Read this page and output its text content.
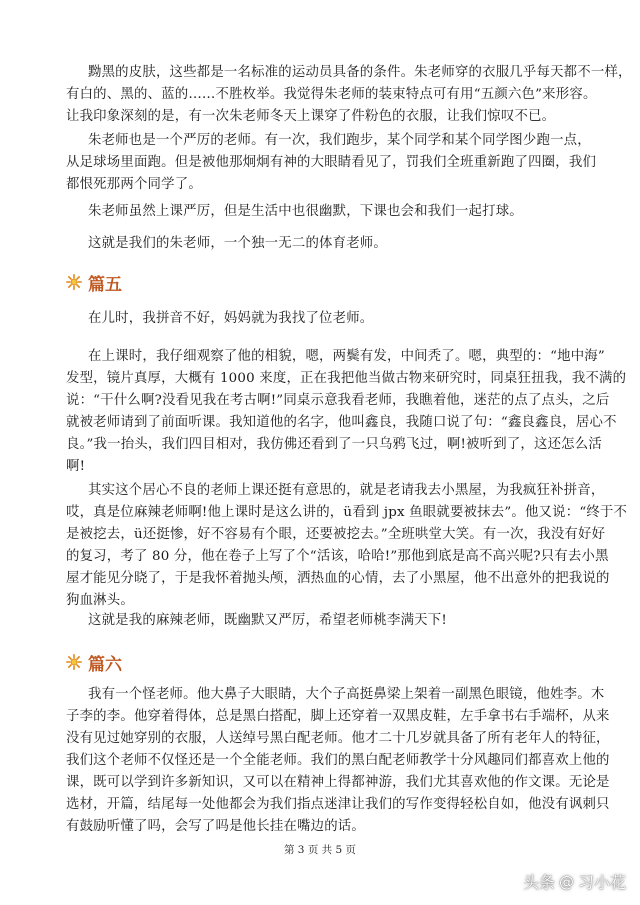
黝黑的皮肤，这些都是一名标准的运动员具备的条件。朱老师穿的衣服几乎每天都不一样，
有白的、黑的、蓝的……不胜枚举。我觉得朱老师的装束特点可有用“五颜六色”来形容。
让我印象深刻的是，有一次朱老师冬天上课穿了件粉色的衣服，让我们惊叹不已。

朱老师也是一个严厉的老师。有一次，我们跑步，某个同学和某个同学图少跑一点，
从足球场里面跑。但是被他那炯炯有神的大眼睛看见了，罚我们全班重新跑了四圈，我们
都恨死那两个同学了。

朱老师虽然上课严厉，但是生活中也很幽默，下课也会和我们一起打球。

这就是我们的朱老师，一个独一无二的体育老师。

篇五

在儿时，我拼音不好，妈妈就为我找了位老师。

在上课时，我仔细观察了他的相貌，嗯，两鬓有发，中间秃了。嗯，典型的：“地中海”
发型，镜片真厚，大概有 1000 来度，正在我把他当做古物来研究时，同桌狂扭我，我不满的
说：“干什么啊?没看见我在考古啊!”同桌示意我看老师，我瞧着他，迷茫的点了点头，之后
就被老师请到了前面听课。我知道他的名字，他叫鑫良，我随口说了句：“鑫良鑫良，居心不
良。”我一抬头，我们四目相对，我仿佛还看到了一只乌鸦飞过，啊!被听到了，这还怎么活
啊!

其实这个居心不良的老师上课还挺有意思的，就是老请我去小黑屋，为我疯狂补拼音，
哎，真是位麻辣老师啊!他上课时是这么讲的，ü看到 jpx 鱼眼就要被抹去”。他又说：“终于不
是被挖去，ü还挺惨，好不容易有个眼，还要被挖去。”全班哄堂大笑。有一次，我没有好好
的复习，考了 80 分，他在卷子上写了个“活该，哈哈!”那他到底是高不高兴呢?只有去小黑
屋才能见分晓了，于是我怀着抛头颅，洒热血的心情，去了小黑屋，他不出意外的把我说的
狗血淋头。

这就是我的麻辣老师，既幽默又严厉，希望老师桃李满天下!

篇六

我有一个怪老师。他大鼻子大眼睛，大个子高挺鼻梁上架着一副黑色眼镜，他姓李。木
子李的李。他穿着得体，总是黑白搭配，脚上还穿着一双黑皮鞋，左手拿书右手端杯，从来
没有见过她穿别的衣服，人送绰号黑白配老师。他才二十几岁就具备了所有老年人的特征，
我们这个老师不仅怪还是一个全能老师。我们的黑白配老师教学十分风趣同们都喜欢上他的
课，既可以学到许多新知识，又可以在精神上得都神游，我们尤其喜欢他的作文课。无论是
选材，开篇，结尾每一处他都会为我们指点迷津让我们的写作变得轻松自如，他没有讽刺只
有鼓励听懂了吗，会写了吗是他长挂在嘴边的话。

第 3 页 共 5 页
头条 @ 习小花
